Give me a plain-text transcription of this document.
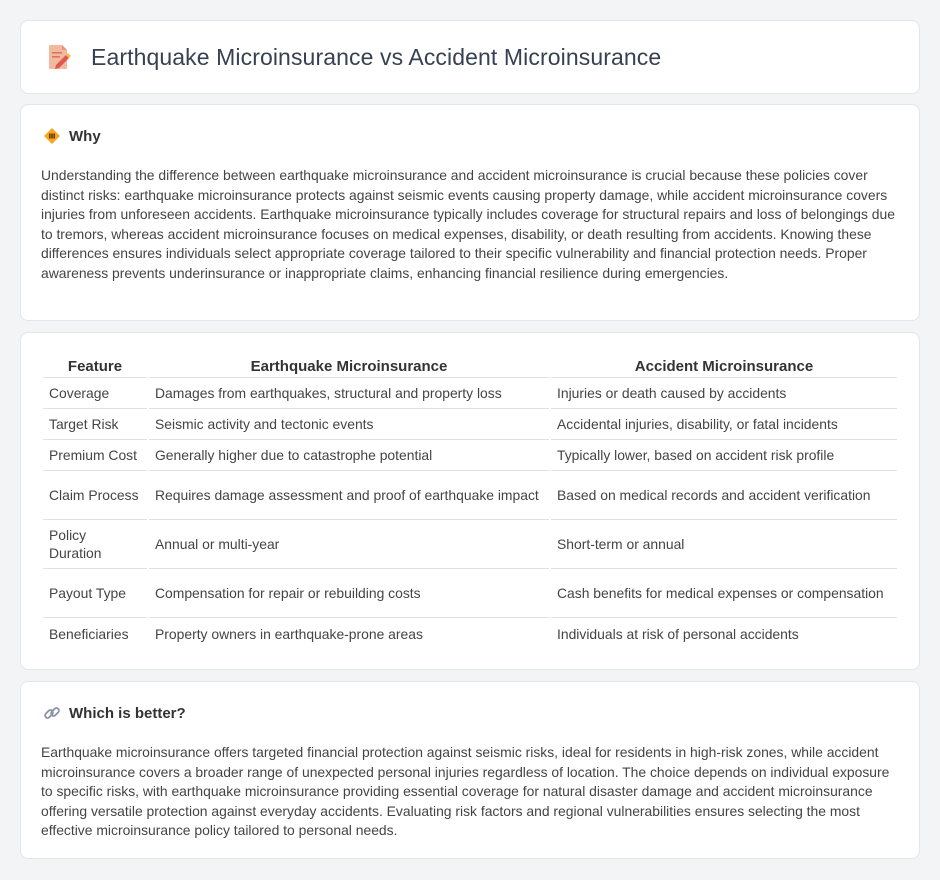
Earthquake Microinsurance vs Accident Microinsurance
Why

Understanding the difference between earthquake microinsurance and accident microinsurance is crucial because these policies cover distinct risks: earthquake microinsurance protects against seismic events causing property damage, while accident microinsurance covers injuries from unforeseen accidents. Earthquake microinsurance typically includes coverage for structural repairs and loss of belongings due to tremors, whereas accident microinsurance focuses on medical expenses, disability, or death resulting from accidents. Knowing these differences ensures individuals select appropriate coverage tailored to their specific vulnerability and financial protection needs. Proper awareness prevents underinsurance or inappropriate claims, enhancing financial resilience during emergencies.

Feature	Earthquake Microinsurance	Accident Microinsurance
Coverage	Damages from earthquakes, structural and property loss	Injuries or death caused by accidents
Target Risk	Seismic activity and tectonic events	Accidental injuries, disability, or fatal incidents
Premium Cost	Generally higher due to catastrophe potential	Typically lower, based on accident risk profile
Claim Process	Requires damage assessment and proof of earthquake impact	Based on medical records and accident verification
Policy Duration	Annual or multi-year	Short-term or annual
Payout Type	Compensation for repair or rebuilding costs	Cash benefits for medical expenses or compensation
Beneficiaries	Property owners in earthquake-prone areas	Individuals at risk of personal accidents
Which is better?

Earthquake microinsurance offers targeted financial protection against seismic risks, ideal for residents in high-risk zones, while accident microinsurance covers a broader range of unexpected personal injuries regardless of location. The choice depends on individual exposure to specific risks, with earthquake microinsurance providing essential coverage for natural disaster damage and accident microinsurance offering versatile protection against everyday accidents. Evaluating risk factors and regional vulnerabilities ensures selecting the most effective microinsurance policy tailored to personal needs.
